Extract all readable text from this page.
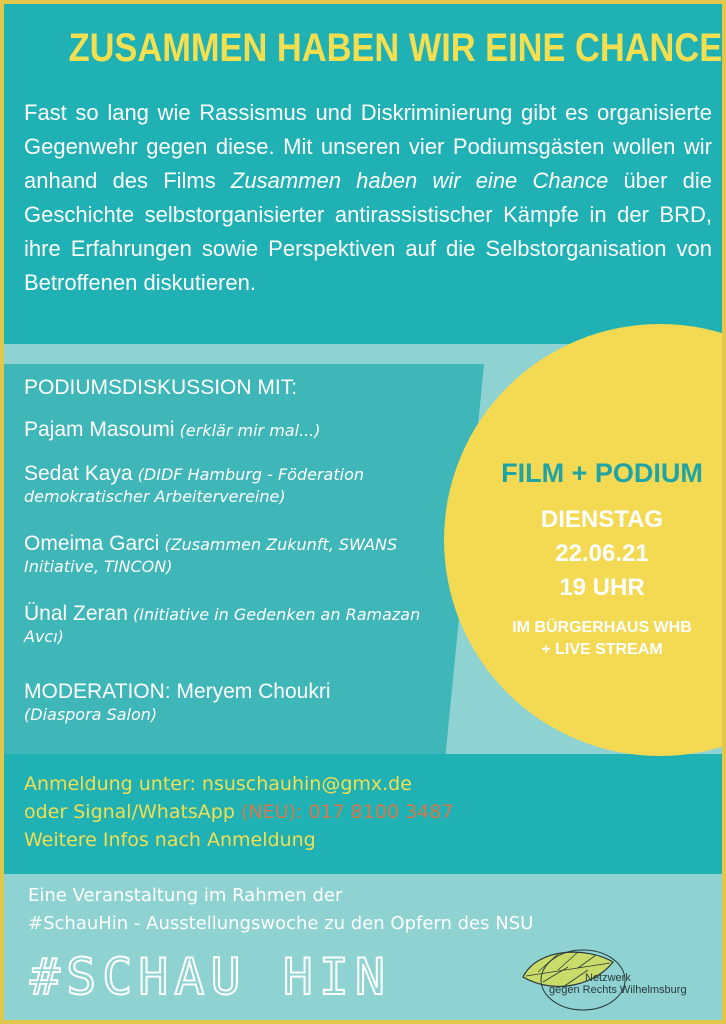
ZUSAMMEN HABEN WIR EINE CHANCE
Fast so lang wie Rassismus und Diskriminierung gibt es organisierte Gegenwehr gegen diese. Mit unseren vier Podiumsgästen wollen wir anhand des Films Zusammen haben wir eine Chance über die Geschichte selbstorganisierter antirassistischer Kämpfe in der BRD, ihre Erfahrungen sowie Perspektiven auf die Selbstorganisation von Betroffenen diskutieren.
PODIUMSDISKUSSION MIT:
Pajam Masoumi (erklär mir mal...)
Sedat Kaya (DIDF Hamburg - Föderation demokratischer Arbeitervereine)
Omeima Garci (Zusammen Zukunft, SWANS Initiative, TINCON)
Ünal Zeran (Initiative in Gedenken an Ramazan Avcı)
MODERATION: Meryem Choukri
(Diaspora Salon)
FILM + PODIUM
DIENSTAG
22.06.21
19 UHR
IM BÜRGERHAUS WHB
+ LIVE STREAM
Anmeldung unter: nsuschauhin@gmx.de
oder Signal/WhatsApp (NEU): 017 8100 3487
Weitere Infos nach Anmeldung
Eine Veranstaltung im Rahmen der
#SchauHin - Ausstellungswoche zu den Opfern des NSU
#SCHAU HIN	Netzwerk
gegen Rechts Wilhelmsburg
